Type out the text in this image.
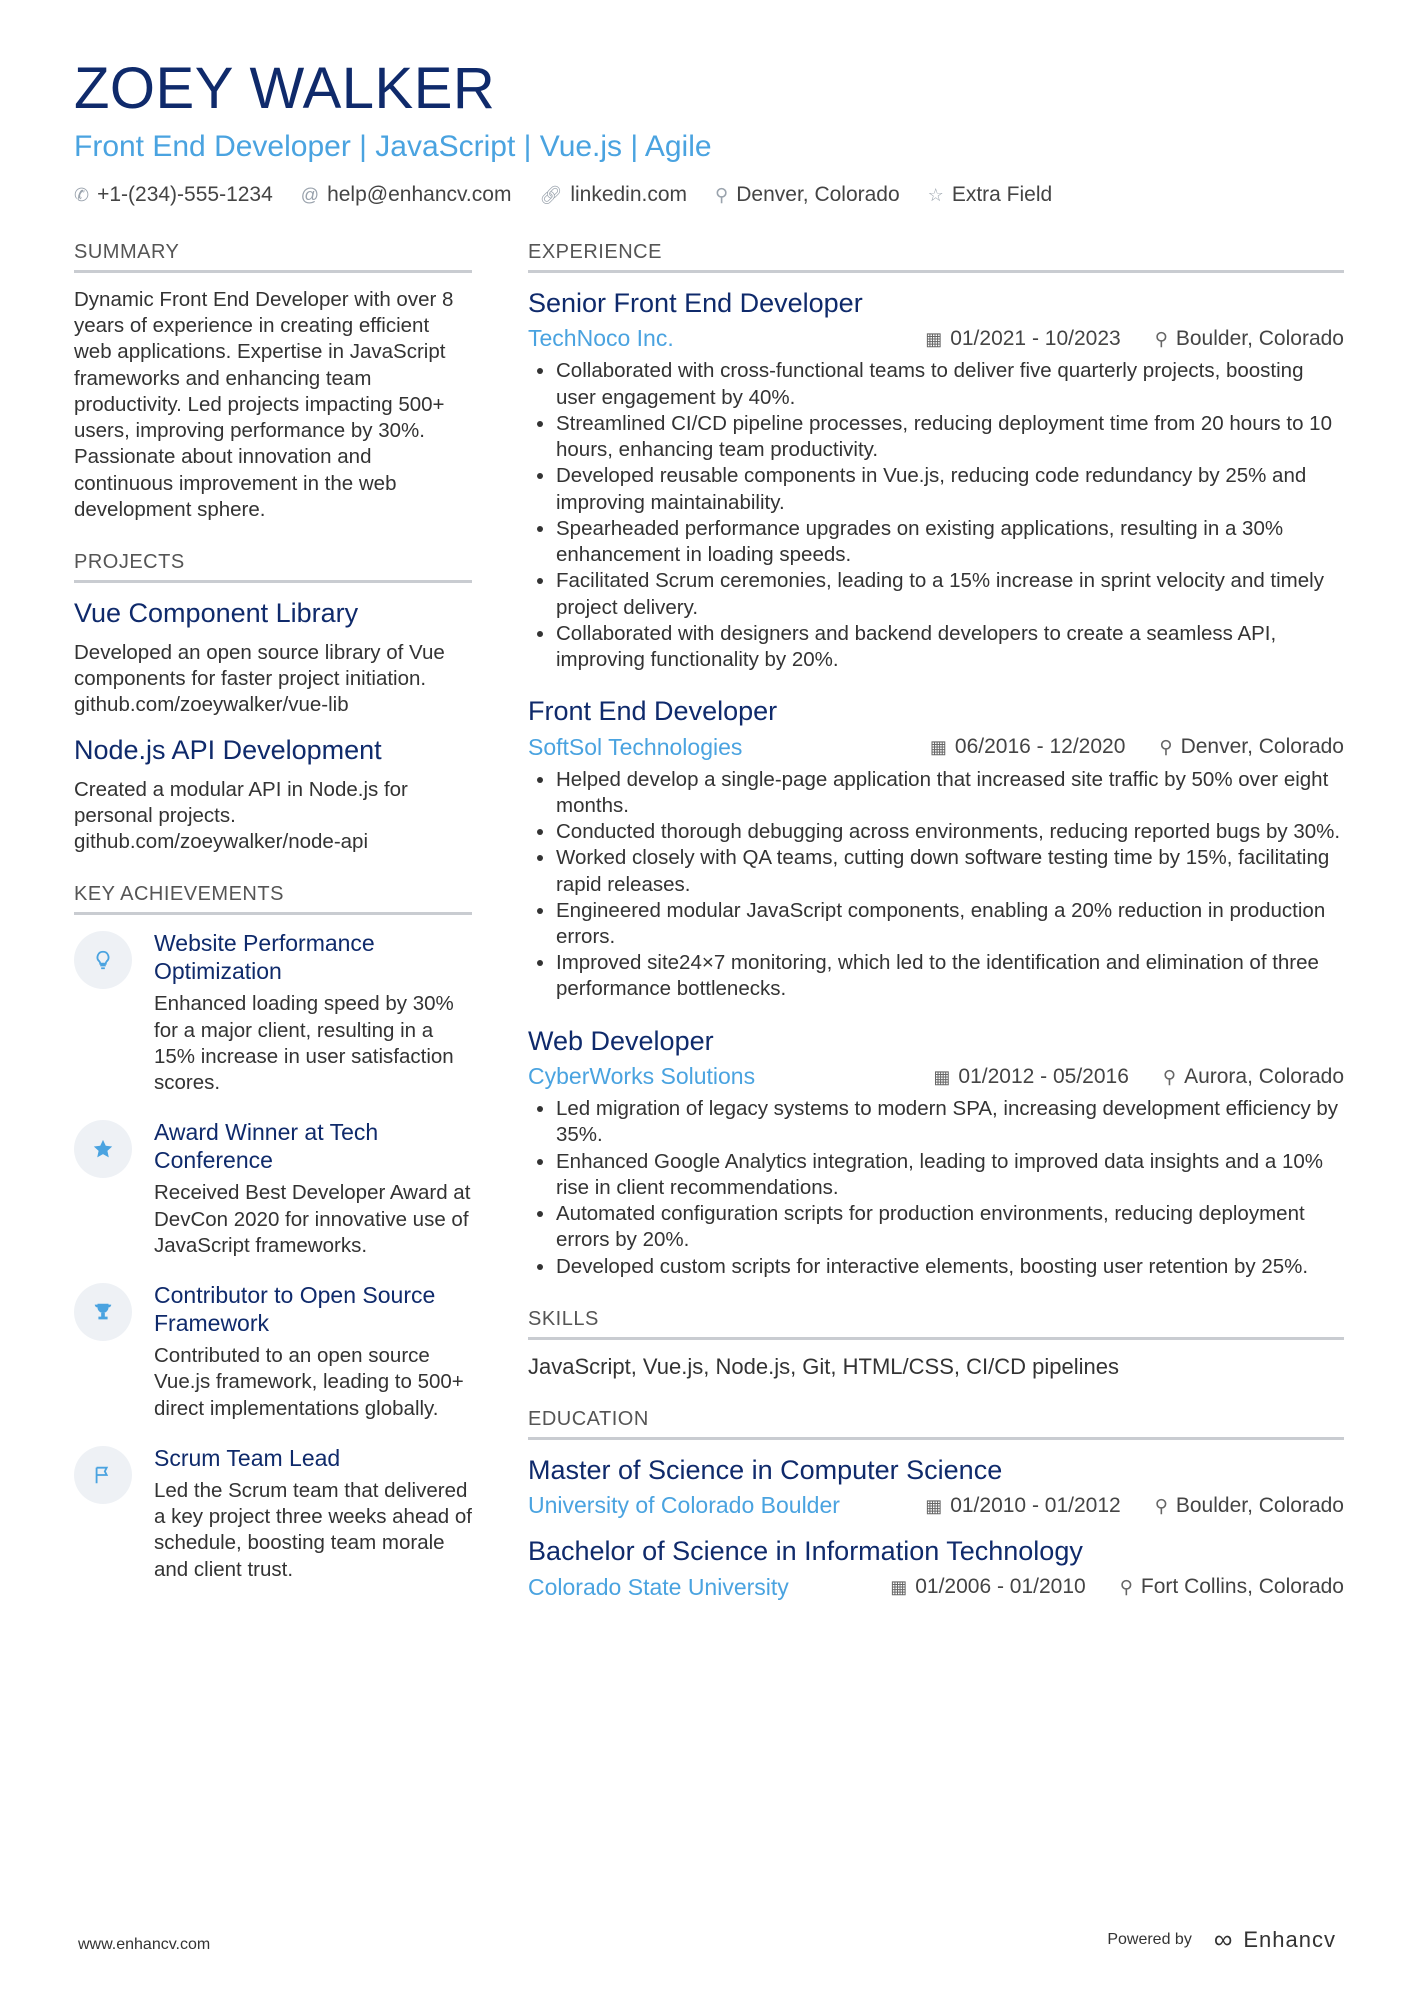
ZOEY WALKER
Front End Developer | JavaScript | Vue.js | Agile
✆ +1-(234)-555-1234 @ help@enhancv.com 🔗︎ linkedin.com ⚲ Denver, Colorado ☆ Extra Field
SUMMARY
Dynamic Front End Developer with over 8 years of experience in creating efficient web applications. Expertise in JavaScript frameworks and enhancing team productivity. Led projects impacting 500+ users, improving performance by 30%. Passionate about innovation and continuous improvement in the web development sphere.
PROJECTS
Vue Component Library
Developed an open source library of Vue components for faster project initiation. github.com/zoeywalker/vue-lib
Node.js API Development
Created a modular API in Node.js for personal projects. github.com/zoeywalker/node-api
KEY ACHIEVEMENTS
Website Performance Optimization
Enhanced loading speed by 30% for a major client, resulting in a 15% increase in user satisfaction scores.
Award Winner at Tech Conference
Received Best Developer Award at DevCon 2020 for innovative use of JavaScript frameworks.
Contributor to Open Source Framework
Contributed to an open source Vue.js framework, leading to 500+ direct implementations globally.
Scrum Team Lead
Led the Scrum team that delivered a key project three weeks ahead of schedule, boosting team morale and client trust.
EXPERIENCE
Senior Front End Developer
TechNoco Inc.	▦ 01/2021 - 10/2023 ⚲ Boulder, Colorado
• Collaborated with cross-functional teams to deliver five quarterly projects, boosting user engagement by 40%.
• Streamlined CI/CD pipeline processes, reducing deployment time from 20 hours to 10 hours, enhancing team productivity.
• Developed reusable components in Vue.js, reducing code redundancy by 25% and improving maintainability.
• Spearheaded performance upgrades on existing applications, resulting in a 30% enhancement in loading speeds.
• Facilitated Scrum ceremonies, leading to a 15% increase in sprint velocity and timely project delivery.
• Collaborated with designers and backend developers to create a seamless API, improving functionality by 20%.
Front End Developer
SoftSol Technologies	▦ 06/2016 - 12/2020 ⚲ Denver, Colorado
• Helped develop a single-page application that increased site traffic by 50% over eight months.
• Conducted thorough debugging across environments, reducing reported bugs by 30%.
• Worked closely with QA teams, cutting down software testing time by 15%, facilitating rapid releases.
• Engineered modular JavaScript components, enabling a 20% reduction in production errors.
• Improved site24×7 monitoring, which led to the identification and elimination of three performance bottlenecks.
Web Developer
CyberWorks Solutions	▦ 01/2012 - 05/2016 ⚲ Aurora, Colorado
• Led migration of legacy systems to modern SPA, increasing development efficiency by 35%.
• Enhanced Google Analytics integration, leading to improved data insights and a 10% rise in client recommendations.
• Automated configuration scripts for production environments, reducing deployment errors by 20%.
• Developed custom scripts for interactive elements, boosting user retention by 25%.
SKILLS
JavaScript, Vue.js, Node.js, Git, HTML/CSS, CI/CD pipelines
EDUCATION
Master of Science in Computer Science
University of Colorado Boulder	▦ 01/2010 - 01/2012 ⚲ Boulder, Colorado
Bachelor of Science in Information Technology
Colorado State University	▦ 01/2006 - 01/2010 ⚲ Fort Collins, Colorado
www.enhancv.com	Powered by ∞ Enhancv
